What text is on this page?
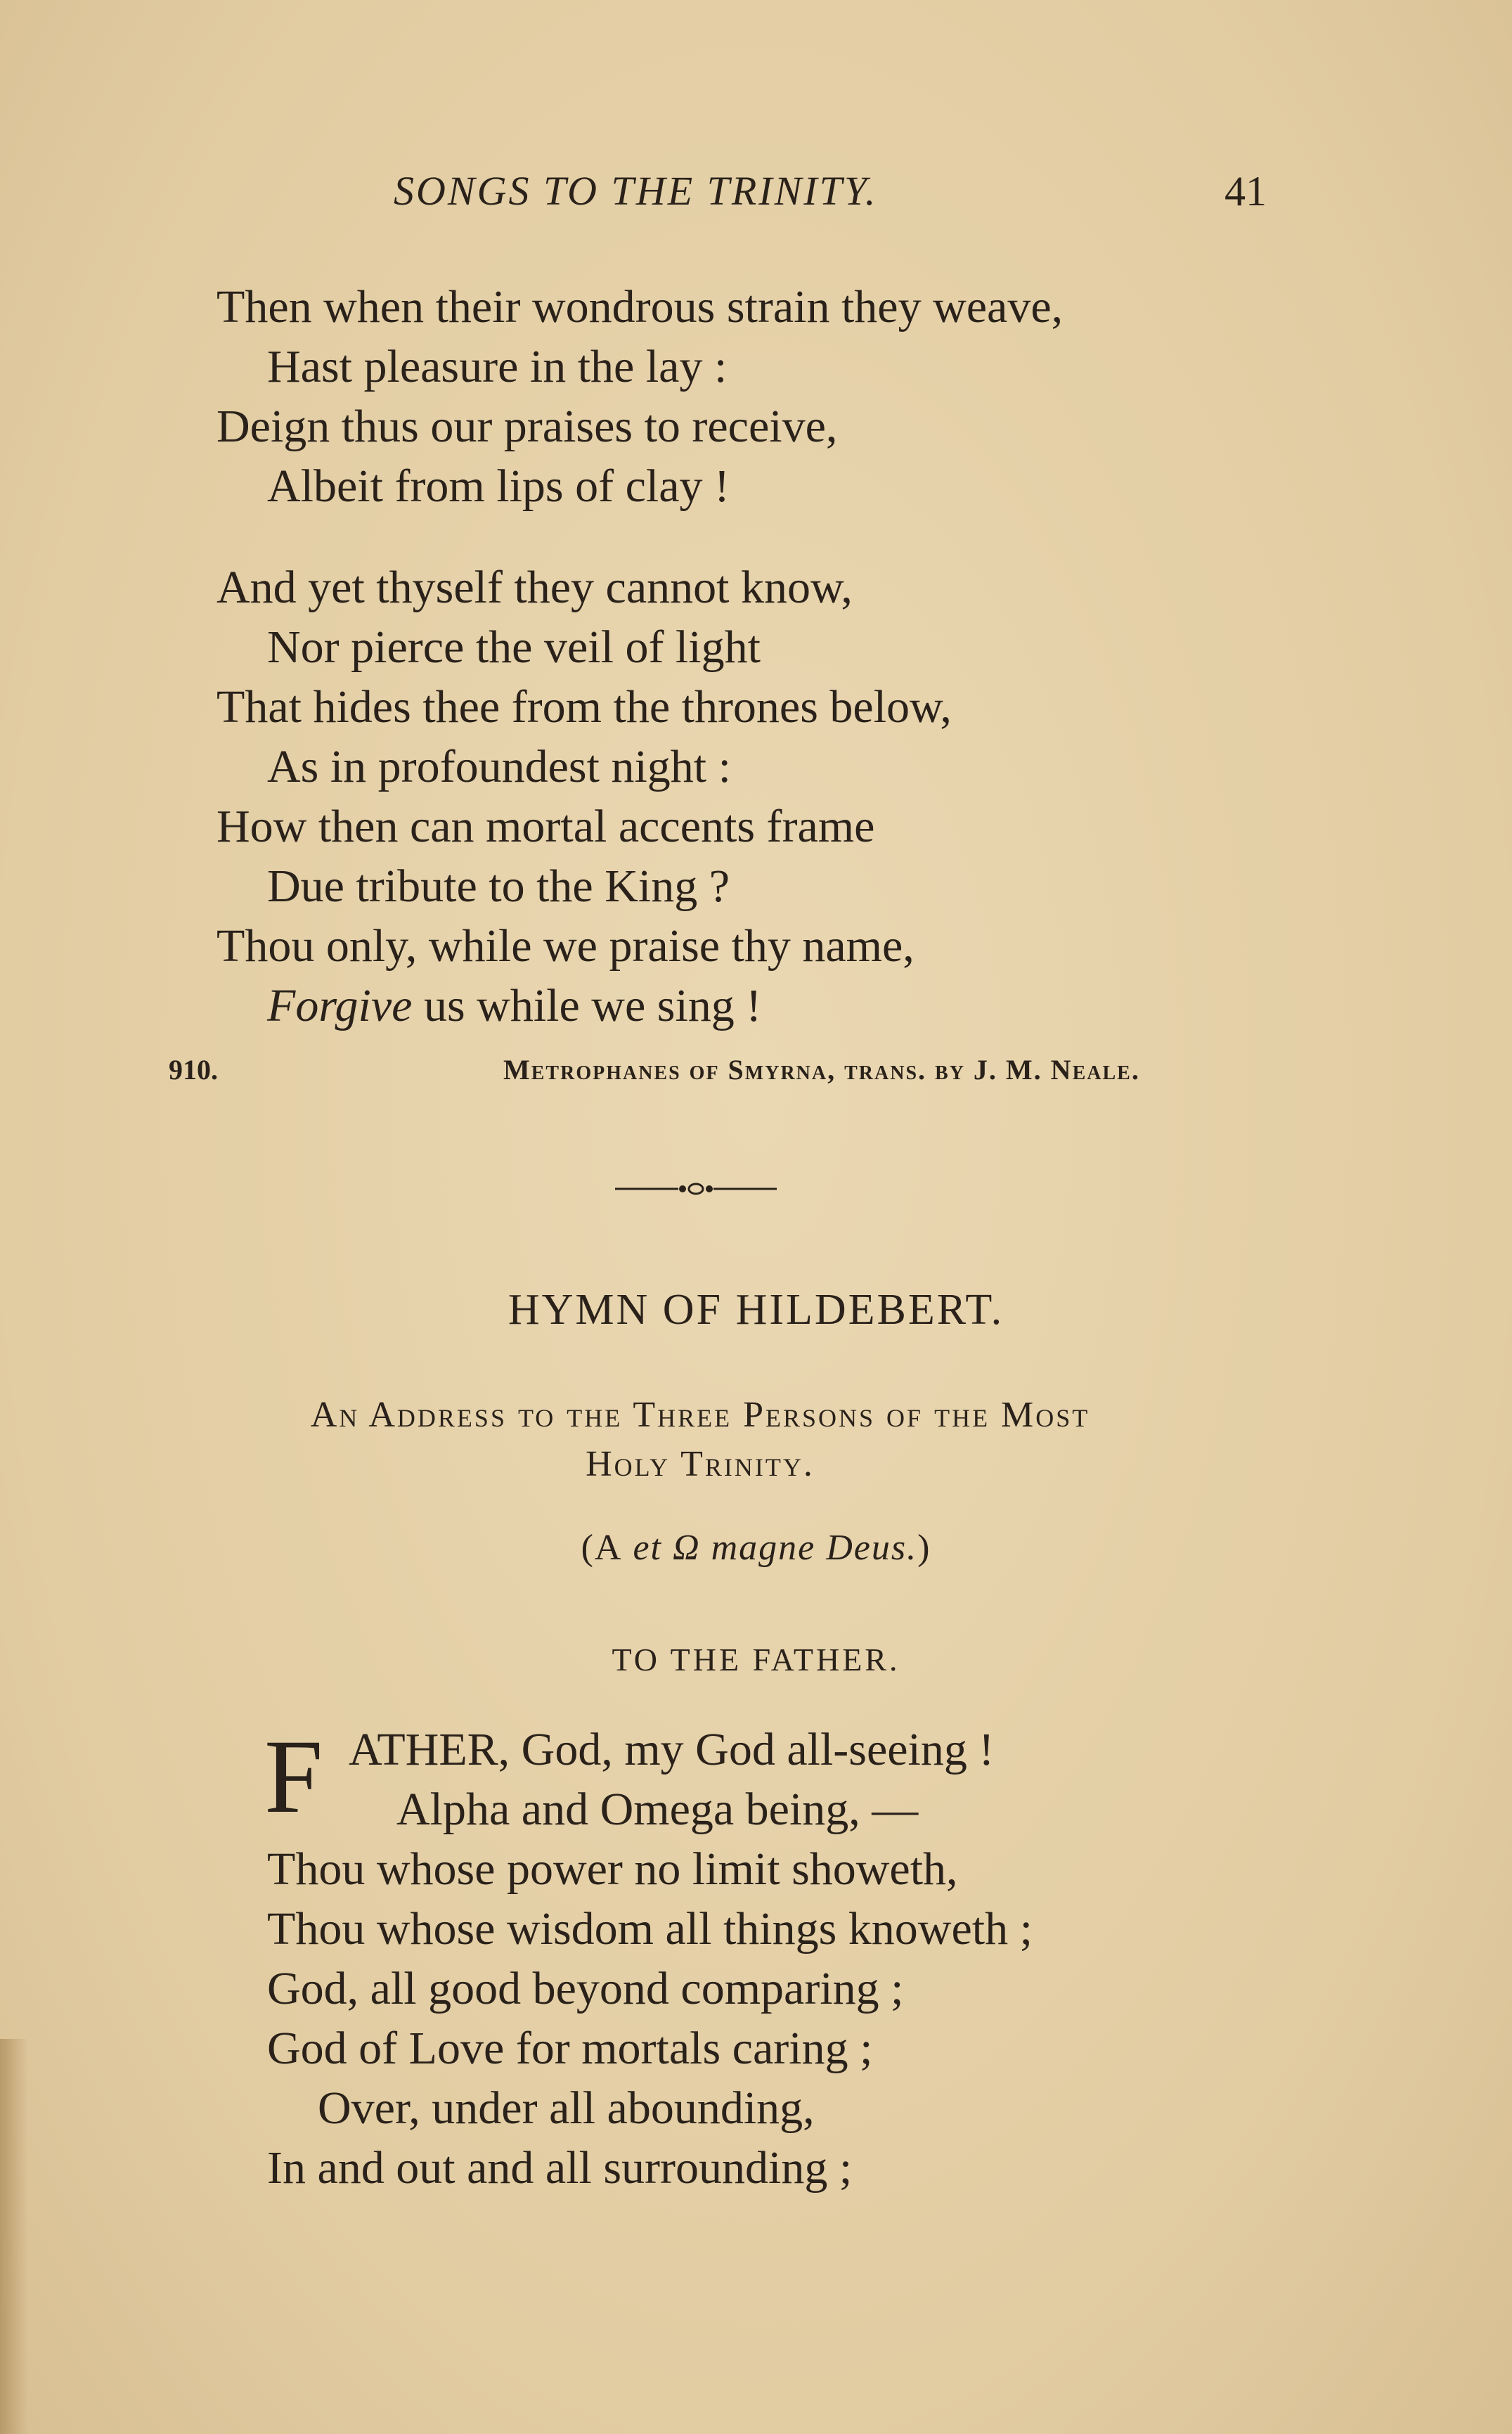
SONGS TO THE TRINITY.	41
Then when their wondrous strain they weave,
Hast pleasure in the lay :
Deign thus our praises to receive,
Albeit from lips of clay !
And yet thyself they cannot know,
Nor pierce the veil of light
That hides thee from the thrones below,
As in profoundest night :
How then can mortal accents frame
Due tribute to the King ?
Thou only, while we praise thy name,
Forgive us while we sing !
910.	Metrophanes of Smyrna, trans. by J. M. Neale.
HYMN OF HILDEBERT.
An Address to the Three Persons of the Most
Holy Trinity.
(A et Ω magne Deus.)
TO THE FATHER.
F ATHER, God, my God all-seeing !
Alpha and Omega being, —
Thou whose power no limit showeth,
Thou whose wisdom all things knoweth ;
God, all good beyond comparing ;
God of Love for mortals caring ;
Over, under all abounding,
In and out and all surrounding ;
